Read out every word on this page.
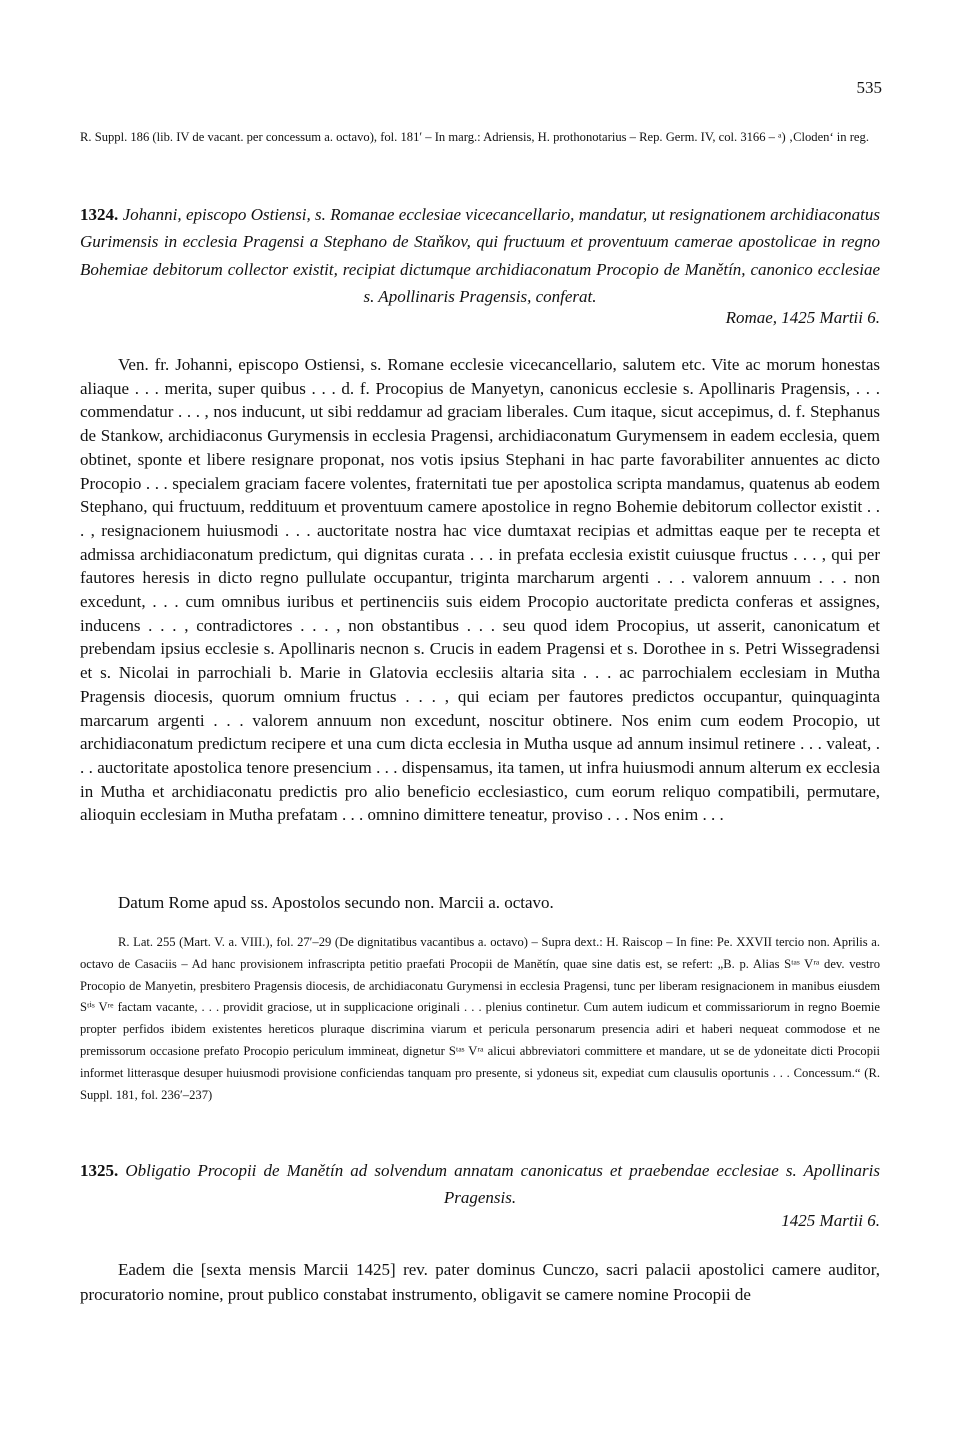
535

R. Suppl. 186 (lib. IV de vacant. per concessum a. octavo), fol. 181′ – In marg.: Adriensis, H. prothonotarius – Rep. Germ. IV, col. 3166 – ᵃ) ‚Cloden‘ in reg.

1324. Johanni, episcopo Ostiensi, s. Romanae ecclesiae vicecancellario, mandatur, ut resignationem archidiaconatus Gurimensis in ecclesia Pragensi a Stephano de Staňkov, qui fructuum et proventuum camerae apostolicae in regno Bohemiae debitorum collector existit, recipiat dictumque archidiaconatum Procopio de Manětín, canonico ecclesiae s. Apollinaris Pragensis, conferat.

Romae, 1425 Martii 6.

Ven. fr. Johanni, episcopo Ostiensi, s. Romane ecclesie vicecancellario, salutem etc. Vite ac morum honestas aliaque . . . merita, super quibus . . . d. f. Procopius de Manyetyn, canonicus ecclesie s. Apollinaris Pragensis, . . . commendatur . . . , nos inducunt, ut sibi reddamur ad graciam liberales. Cum itaque, sicut accepimus, d. f. Stephanus de Stankow, archidiaconus Gurymensis in ecclesia Pragensi, archidiaconatum Gurymensem in eadem ecclesia, quem obtinet, sponte et libere resignare proponat, nos votis ipsius Stephani in hac parte favorabiliter annuentes ac dicto Procopio . . . specialem graciam facere volentes, fraternitati tue per apostolica scripta mandamus, quatenus ab eodem Stephano, qui fructuum, reddituum et proventuum camere apostolice in regno Bohemie debitorum collector existit . . . , resignacionem huiusmodi . . . auctoritate nostra hac vice dumtaxat recipias et admittas eaque per te recepta et admissa archidiaconatum predictum, qui dignitas curata . . . in prefata ecclesia existit cuiusque fructus . . . , qui per fautores heresis in dicto regno pullulate occupantur, triginta marcharum argenti . . . valorem annuum . . . non excedunt, . . . cum omnibus iuribus et pertinenciis suis eidem Procopio auctoritate predicta conferas et assignes, inducens . . . , contradictores . . . , non obstantibus . . . seu quod idem Procopius, ut asserit, canonicatum et prebendam ipsius ecclesie s. Apollinaris necnon s. Crucis in eadem Pragensi et s. Dorothee in s. Petri Wissegradensi et s. Nicolai in parrochiali b. Marie in Glatovia ecclesiis altaria sita . . . ac parrochialem ecclesiam in Mutha Pragensis diocesis, quorum omnium fructus . . . , qui eciam per fautores predictos occupantur, quinquaginta marcarum argenti . . . valorem annuum non excedunt, noscitur obtinere. Nos enim cum eodem Procopio, ut archidiaconatum predictum recipere et una cum dicta ecclesia in Mutha usque ad annum insimul retinere . . . valeat, . . . auctoritate apostolica tenore presencium . . . dispensamus, ita tamen, ut infra huiusmodi annum alterum ex ecclesia in Mutha et archidiaconatu predictis pro alio beneficio ecclesiastico, cum eorum reliquo compatibili, permutare, alioquin ecclesiam in Mutha prefatam . . . omnino dimittere teneatur, proviso . . . Nos enim . . .

Datum Rome apud ss. Apostolos secundo non. Marcii a. octavo.

R. Lat. 255 (Mart. V. a. VIII.), fol. 27′–29 (De dignitatibus vacantibus a. octavo) – Supra dext.: H. Raiscop – In fine: Pe. XXVII tercio non. Aprilis a. octavo de Casaciis – Ad hanc provisionem infrascripta petitio praefati Procopii de Manětín, quae sine datis est, se refert: „B. p. Alias Sᵗᵃˢ Vʳᵃ dev. vestro Procopio de Manyetin, presbitero Pragensis diocesis, de archidiaconatu Gurymensi in ecclesia Pragensi, tunc per liberam resignacionem in manibus eiusdem Sᵗⁱˢ Vʳᵉ factam vacante, . . . providit graciose, ut in supplicacione originali . . . plenius continetur. Cum autem iudicum et commissariorum in regno Boemie propter perfidos ibidem existentes hereticos pluraque discrimina viarum et pericula personarum presencia adiri et haberi nequeat commodose et ne premissorum occasione prefato Procopio periculum immineat, dignetur Sᵗᵃˢ Vʳᵃ alicui abbreviatori committere et mandare, ut se de ydoneitate dicti Procopii informet litterasque desuper huiusmodi provisione conficiendas tanquam pro presente, si ydoneus sit, expediat cum clausulis oportunis . . . Concessum.“ (R. Suppl. 181, fol. 236′–237)

1325. Obligatio Procopii de Manětín ad solvendum annatam canonicatus et praebendae ecclesiae s. Apollinaris Pragensis.

1425 Martii 6.

Eadem die [sexta mensis Marcii 1425] rev. pater dominus Cunczo, sacri palacii apostolici camere auditor, procuratorio nomine, prout publico constabat instrumento, obligavit se camere nomine Procopii de
